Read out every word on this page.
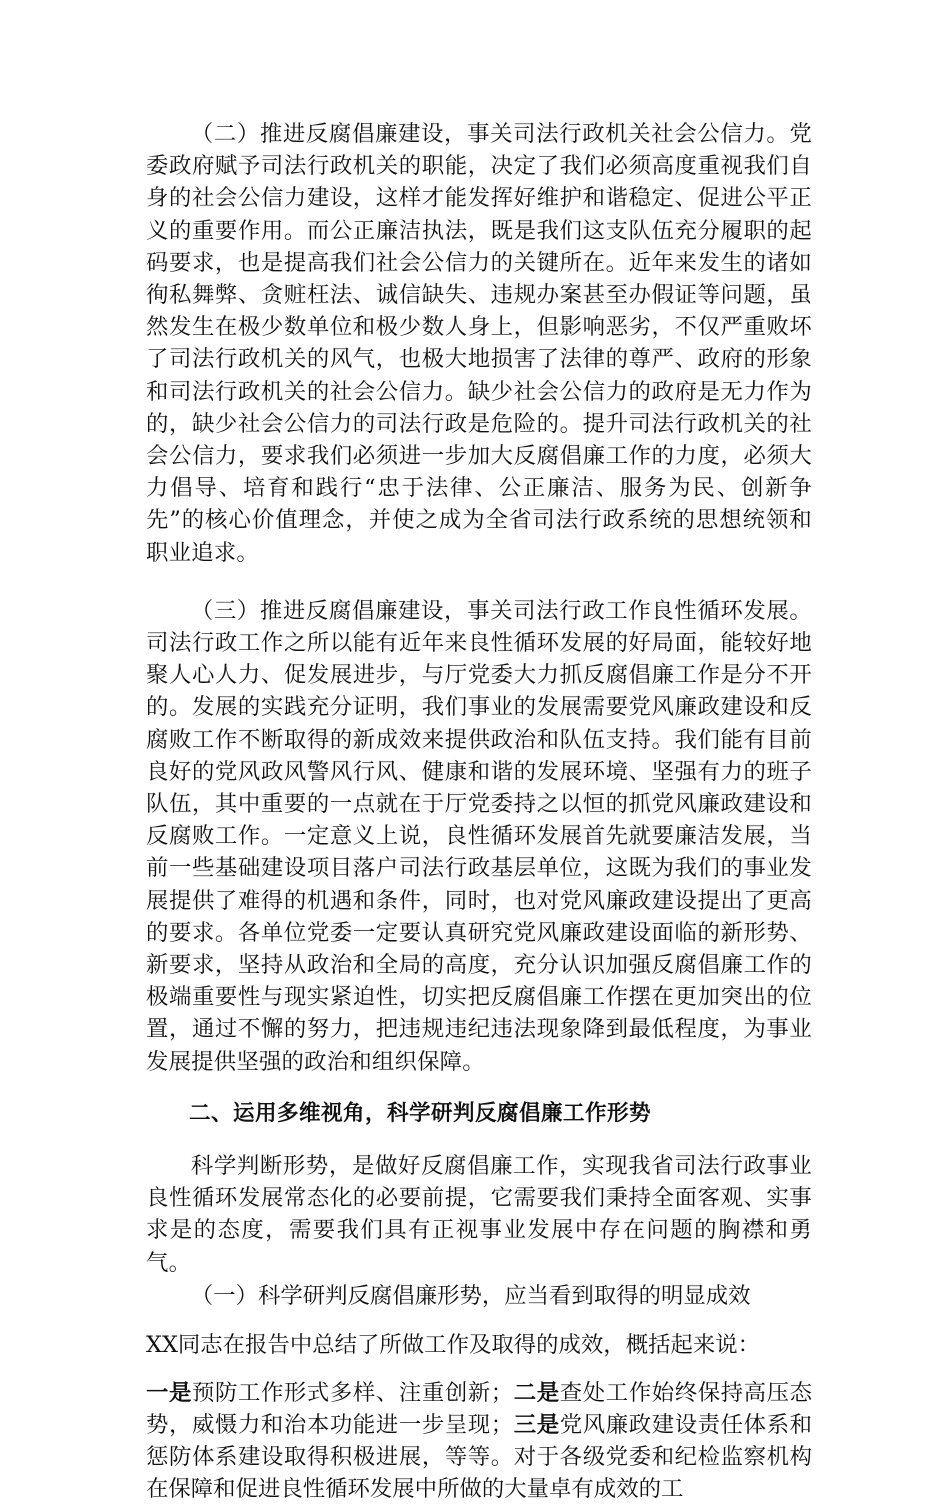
（二）推进反腐倡廉建设，事关司法行政机关社会公信力。党委政府赋予司法行政机关的职能，决定了我们必须高度重视我们自身的社会公信力建设，这样才能发挥好维护和谐稳定、促进公平正义的重要作用。而公正廉洁执法，既是我们这支队伍充分履职的起码要求，也是提高我们社会公信力的关键所在。近年来发生的诸如徇私舞弊、贪赃枉法、诚信缺失、违规办案甚至办假证等问题，虽然发生在极少数单位和极少数人身上，但影响恶劣，不仅严重败坏了司法行政机关的风气，也极大地损害了法律的尊严、政府的形象和司法行政机关的社会公信力。缺少社会公信力的政府是无力作为的，缺少社会公信力的司法行政是危险的。提升司法行政机关的社会公信力，要求我们必须进一步加大反腐倡廉工作的力度，必须大力倡导、培育和践行“忠于法律、公正廉洁、服务为民、创新争先”的核心价值理念，并使之成为全省司法行政系统的思想统领和职业追求。

（三）推进反腐倡廉建设，事关司法行政工作良性循环发展。司法行政工作之所以能有近年来良性循环发展的好局面，能较好地聚人心人力、促发展进步，与厅党委大力抓反腐倡廉工作是分不开的。发展的实践充分证明，我们事业的发展需要党风廉政建设和反腐败工作不断取得的新成效来提供政治和队伍支持。我们能有目前良好的党风政风警风行风、健康和谐的发展环境、坚强有力的班子队伍，其中重要的一点就在于厅党委持之以恒的抓党风廉政建设和反腐败工作。一定意义上说，良性循环发展首先就要廉洁发展，当前一些基础建设项目落户司法行政基层单位，这既为我们的事业发展提供了难得的机遇和条件，同时，也对党风廉政建设提出了更高的要求。各单位党委一定要认真研究党风廉政建设面临的新形势、新要求，坚持从政治和全局的高度，充分认识加强反腐倡廉工作的极端重要性与现实紧迫性，切实把反腐倡廉工作摆在更加突出的位置，通过不懈的努力，把违规违纪违法现象降到最低程度，为事业发展提供坚强的政治和组织保障。

二、运用多维视角，科学研判反腐倡廉工作形势

科学判断形势，是做好反腐倡廉工作，实现我省司法行政事业良性循环发展常态化的必要前提，它需要我们秉持全面客观、实事求是的态度，需要我们具有正视事业发展中存在问题的胸襟和勇气。

（一）科学研判反腐倡廉形势，应当看到取得的明显成效

XX同志在报告中总结了所做工作及取得的成效，概括起来说：

一是预防工作形式多样、注重创新；二是查处工作始终保持高压态势，威慑力和治本功能进一步呈现；三是党风廉政建设责任体系和惩防体系建设取得积极进展，等等。对于各级党委和纪检监察机构在保障和促进良性循环发展中所做的大量卓有成效的工
